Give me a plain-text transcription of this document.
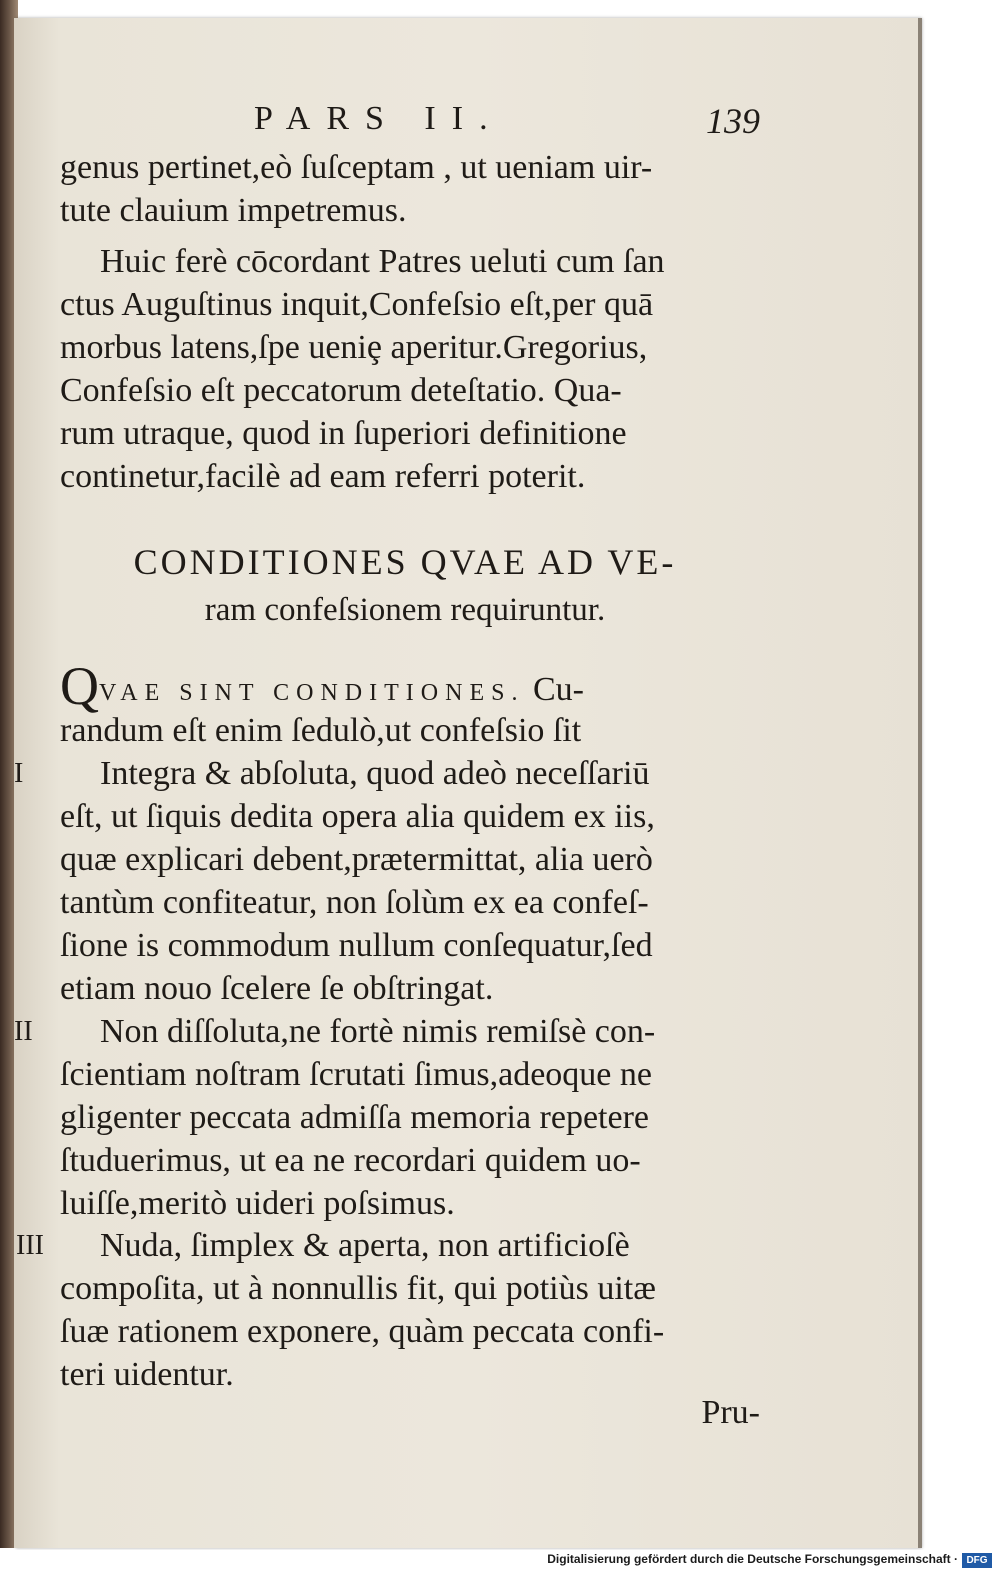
PARS II.	139
genus pertinet,eò ſuſceptam , ut ueniam uir-
tute clauium impetremus.
Huic ferè cōcordant Patres ueluti cum ſan
ctus Auguſtinus inquit,Confeſsio eſt,per quā
morbus latens,ſpe ueniȩ aperitur.Gregorius,
Confeſsio eſt peccatorum deteſtatio. Qua-
rum utraque, quod in ſuperiori definitione
continetur,facilè ad eam referri poterit.
CONDITIONES QVAE AD VE-
ram confeſsionem requiruntur.
QVAE SINT CONDITIONES. Cu-
randum eſt enim ſedulò,ut confeſsio ſit
Integra & abſoluta, quod adeò neceſſariū
eſt, ut ſiquis dedita opera alia quidem ex iis,
quæ explicari debent,prætermittat, alia uerò
tantùm confiteatur, non ſolùm ex ea confeſ-
ſione is commodum nullum conſequatur,ſed
etiam nouo ſcelere ſe obſtringat.
Non diſſoluta,ne fortè nimis remiſsè con-
ſcientiam noſtram ſcrutati ſimus,adeoque ne
gligenter peccata admiſſa memoria repetere
ſtuduerimus, ut ea ne recordari quidem uo-
luiſſe,meritò uideri poſsimus.
Nuda, ſimplex & aperta, non artificioſè
compoſita, ut à nonnullis fit, qui potiùs uitæ
ſuæ rationem exponere, quàm peccata confi-
teri uidentur.
Pru-
I
II
III
Digitalisierung gefördert durch die Deutsche Forschungsgemeinschaft · DFG
